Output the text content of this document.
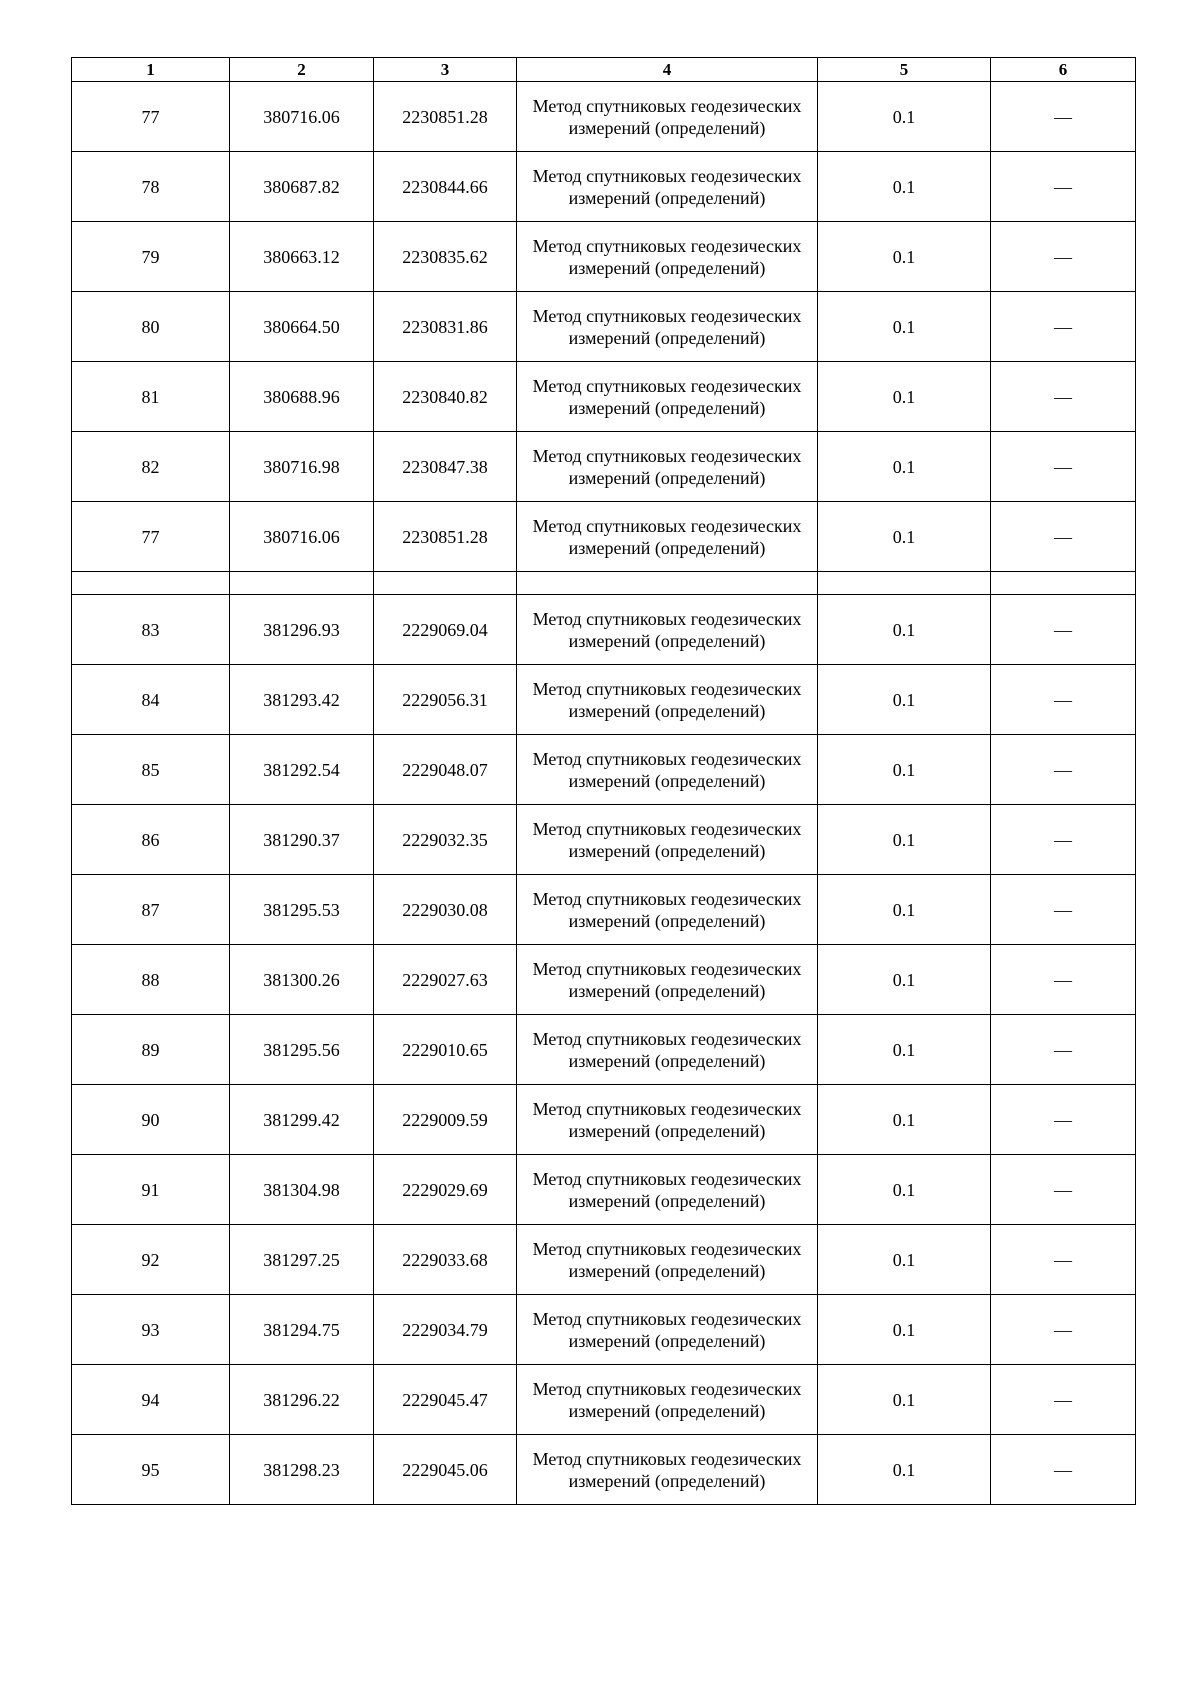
1	2	3	4	5	6
77	380716.06	2230851.28	Метод спутниковых геодезических измерений (определений)	0.1	—
78	380687.82	2230844.66	Метод спутниковых геодезических измерений (определений)	0.1	—
79	380663.12	2230835.62	Метод спутниковых геодезических измерений (определений)	0.1	—
80	380664.50	2230831.86	Метод спутниковых геодезических измерений (определений)	0.1	—
81	380688.96	2230840.82	Метод спутниковых геодезических измерений (определений)	0.1	—
82	380716.98	2230847.38	Метод спутниковых геодезических измерений (определений)	0.1	—
77	380716.06	2230851.28	Метод спутниковых геодезических измерений (определений)	0.1	—

83	381296.93	2229069.04	Метод спутниковых геодезических измерений (определений)	0.1	—
84	381293.42	2229056.31	Метод спутниковых геодезических измерений (определений)	0.1	—
85	381292.54	2229048.07	Метод спутниковых геодезических измерений (определений)	0.1	—
86	381290.37	2229032.35	Метод спутниковых геодезических измерений (определений)	0.1	—
87	381295.53	2229030.08	Метод спутниковых геодезических измерений (определений)	0.1	—
88	381300.26	2229027.63	Метод спутниковых геодезических измерений (определений)	0.1	—
89	381295.56	2229010.65	Метод спутниковых геодезических измерений (определений)	0.1	—
90	381299.42	2229009.59	Метод спутниковых геодезических измерений (определений)	0.1	—
91	381304.98	2229029.69	Метод спутниковых геодезических измерений (определений)	0.1	—
92	381297.25	2229033.68	Метод спутниковых геодезических измерений (определений)	0.1	—
93	381294.75	2229034.79	Метод спутниковых геодезических измерений (определений)	0.1	—
94	381296.22	2229045.47	Метод спутниковых геодезических измерений (определений)	0.1	—
95	381298.23	2229045.06	Метод спутниковых геодезических измерений (определений)	0.1	—
